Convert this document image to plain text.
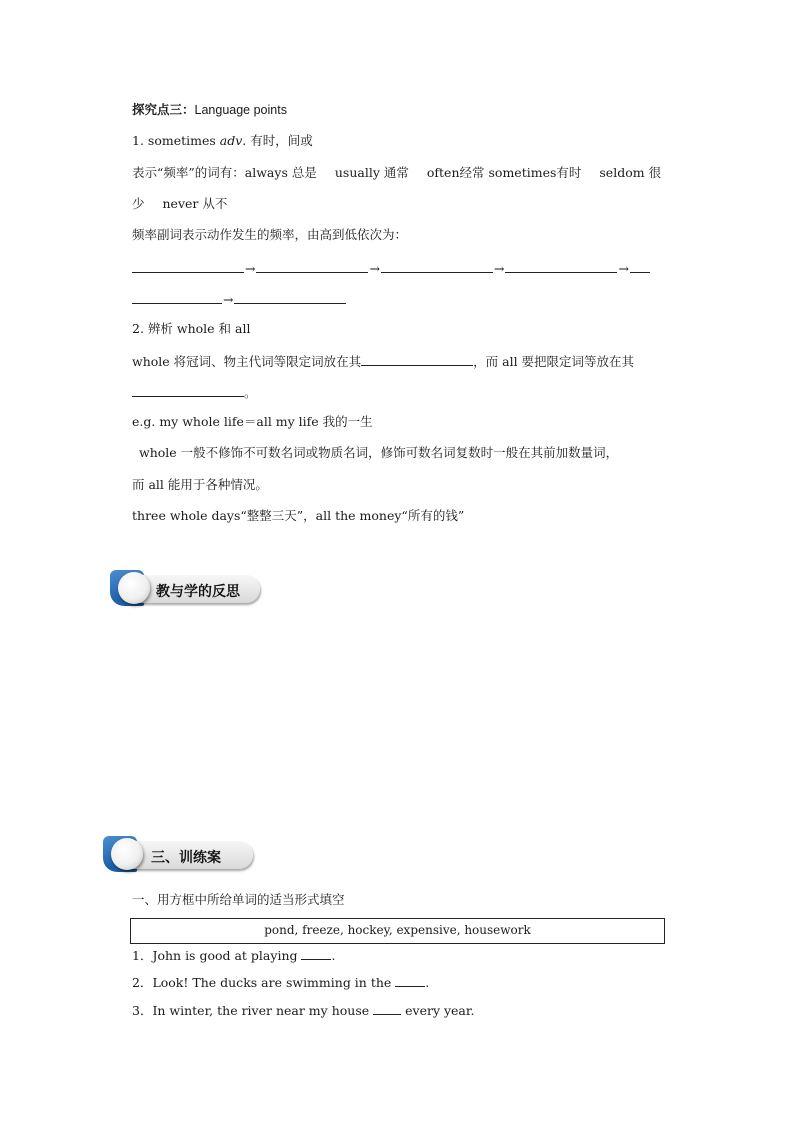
探究点三：Language points
1. sometimes adv. 有时，间或
表示“频率”的词有：always 总是 usually 通常 often经常 sometimes有时 seldom 很
少 never 从不
频率副词表示动作发生的频率，由高到低依次为：
→	→	→	→
→
2. 辨析 whole 和 all
whole 将冠词、物主代词等限定词放在其	，而 all 要把限定词等放在其
。
e.g. my whole life＝all my life 我的一生
whole 一般不修饰不可数名词或物质名词，修饰可数名词复数时一般在其前加数量词，
而 all 能用于各种情况。
three whole days“整整三天”，all the money“所有的钱”
教与学的反思
三、训练案
一、用方框中所给单词的适当形式填空
pond, freeze, hockey, expensive, housework
1．John is good at playing	.
2．Look! The ducks are swimming in the	.
3．In winter, the river near my house	every year.
